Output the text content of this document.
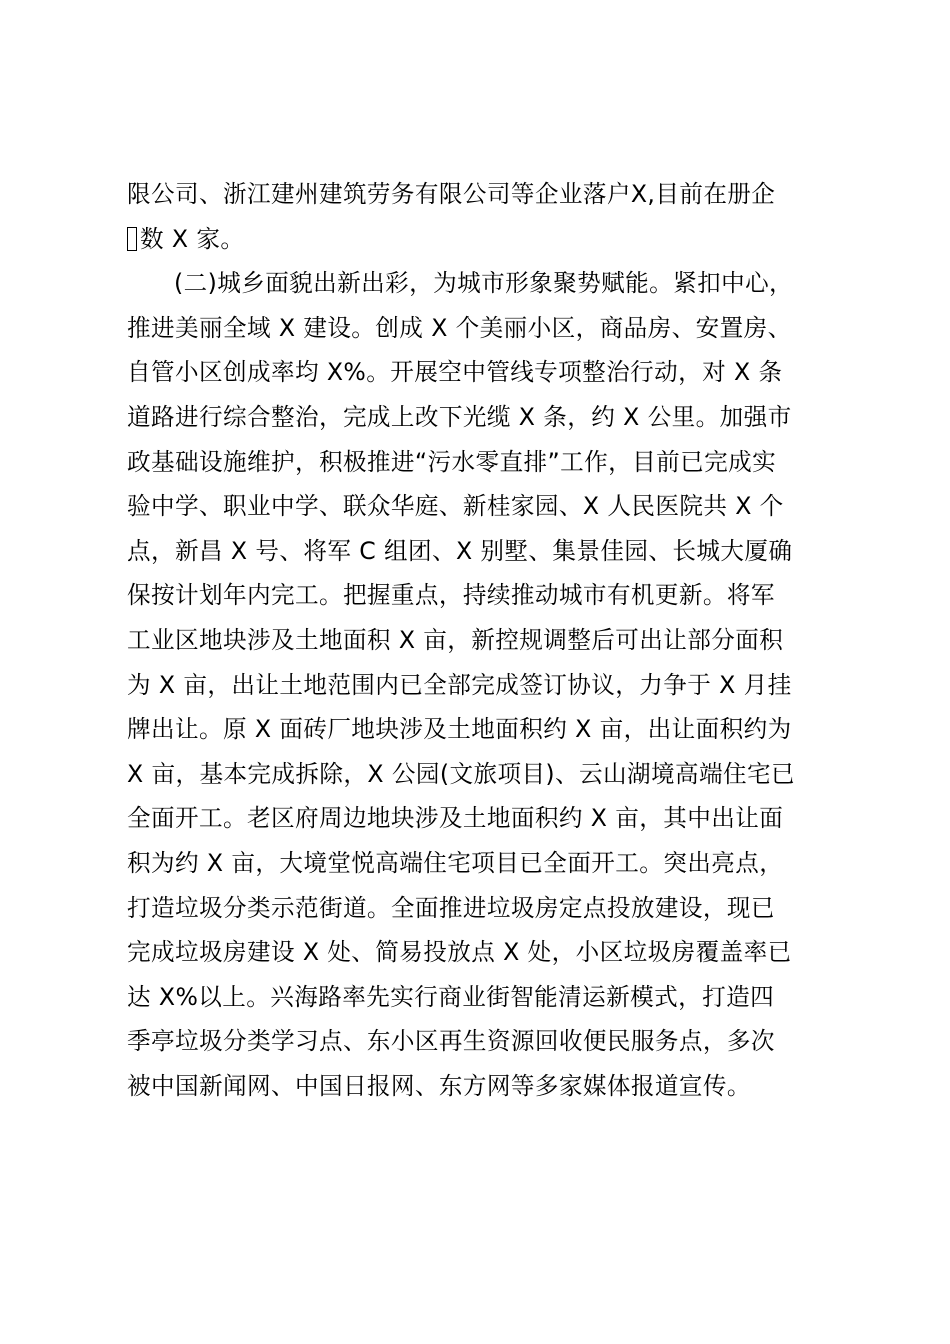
限公司、浙江建州建筑劳务有限公司等企业落户X,目前在册企
数 X 家。
(二)城乡面貌出新出彩，为城市形象聚势赋能。紧扣中心，
推进美丽全域 X 建设。创成 X 个美丽小区，商品房、安置房、
自管小区创成率均 X%。开展空中管线专项整治行动，对 X 条
道路进行综合整治，完成上改下光缆 X 条，约 X 公里。加强市
政基础设施维护，积极推进“污水零直排”工作，目前已完成实
验中学、职业中学、联众华庭、新桂家园、X 人民医院共 X 个
点，新昌 X 号、将军 C 组团、X 别墅、集景佳园、长城大厦确
保按计划年内完工。把握重点，持续推动城市有机更新。将军
工业区地块涉及土地面积 X 亩，新控规调整后可出让部分面积
为 X 亩，出让土地范围内已全部完成签订协议，力争于 X 月挂
牌出让。原 X 面砖厂地块涉及土地面积约 X 亩，出让面积约为
X 亩，基本完成拆除，X 公园(文旅项目)、云山湖境高端住宅已
全面开工。老区府周边地块涉及土地面积约 X 亩，其中出让面
积为约 X 亩，大境堂悦高端住宅项目已全面开工。突出亮点，
打造垃圾分类示范街道。全面推进垃圾房定点投放建设，现已
完成垃圾房建设 X 处、简易投放点 X 处，小区垃圾房覆盖率已
达 X%以上。兴海路率先实行商业街智能清运新模式，打造四
季亭垃圾分类学习点、东小区再生资源回收便民服务点，多次
被中国新闻网、中国日报网、东方网等多家媒体报道宣传。
